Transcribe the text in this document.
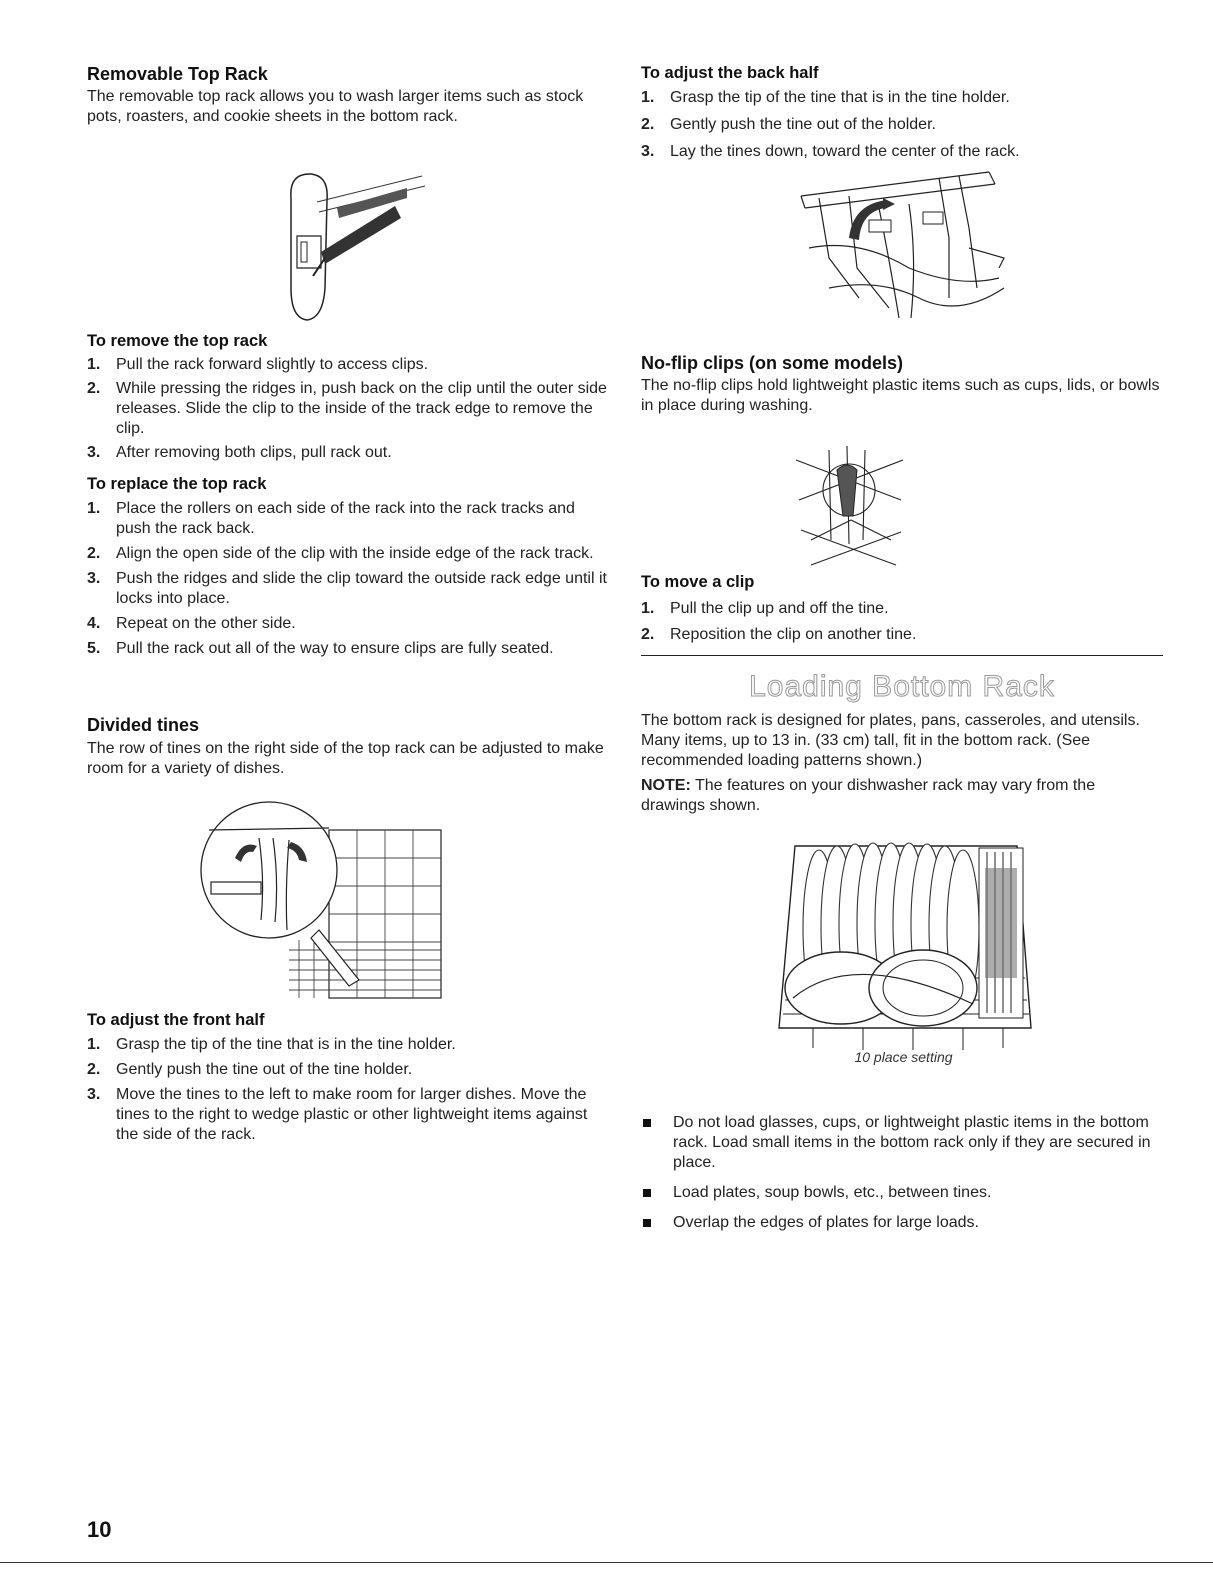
Removable Top Rack

The removable top rack allows you to wash larger items such as stock pots, roasters, and cookie sheets in the bottom rack.

To remove the top rack
1. Pull the rack forward slightly to access clips.
2. While pressing the ridges in, push back on the clip until the outer side releases. Slide the clip to the inside of the track edge to remove the clip.
3. After removing both clips, pull rack out.
To replace the top rack
1. Place the rollers on each side of the rack into the rack tracks and push the rack back.
2. Align the open side of the clip with the inside edge of the rack track.
3. Push the ridges and slide the clip toward the outside rack edge until it locks into place.
4. Repeat on the other side.
5. Pull the rack out all of the way to ensure clips are fully seated.
Divided tines

The row of tines on the right side of the top rack can be adjusted to make room for a variety of dishes.

To adjust the front half
1. Grasp the tip of the tine that is in the tine holder.
2. Gently push the tine out of the tine holder.
3. Move the tines to the left to make room for larger dishes. Move the tines to the right to wedge plastic or other lightweight items against the side of the rack.
10
To adjust the back half
1. Grasp the tip of the tine that is in the tine holder.
2. Gently push the tine out of the holder.
3. Lay the tines down, toward the center of the rack.
No-flip clips (on some models)

The no-flip clips hold lightweight plastic items such as cups, lids, or bowls in place during washing.

To move a clip
1. Pull the clip up and off the tine.
2. Reposition the clip on another tine.
Loading Bottom Rack

The bottom rack is designed for plates, pans, casseroles, and utensils. Many items, up to 13 in. (33 cm) tall, fit in the bottom rack. (See recommended loading patterns shown.)

NOTE: The features on your dishwasher rack may vary from the drawings shown.

10 place setting
Do not load glasses, cups, or lightweight plastic items in the bottom rack. Load small items in the bottom rack only if they are secured in place.
Load plates, soup bowls, etc., between tines.
Overlap the edges of plates for large loads.
